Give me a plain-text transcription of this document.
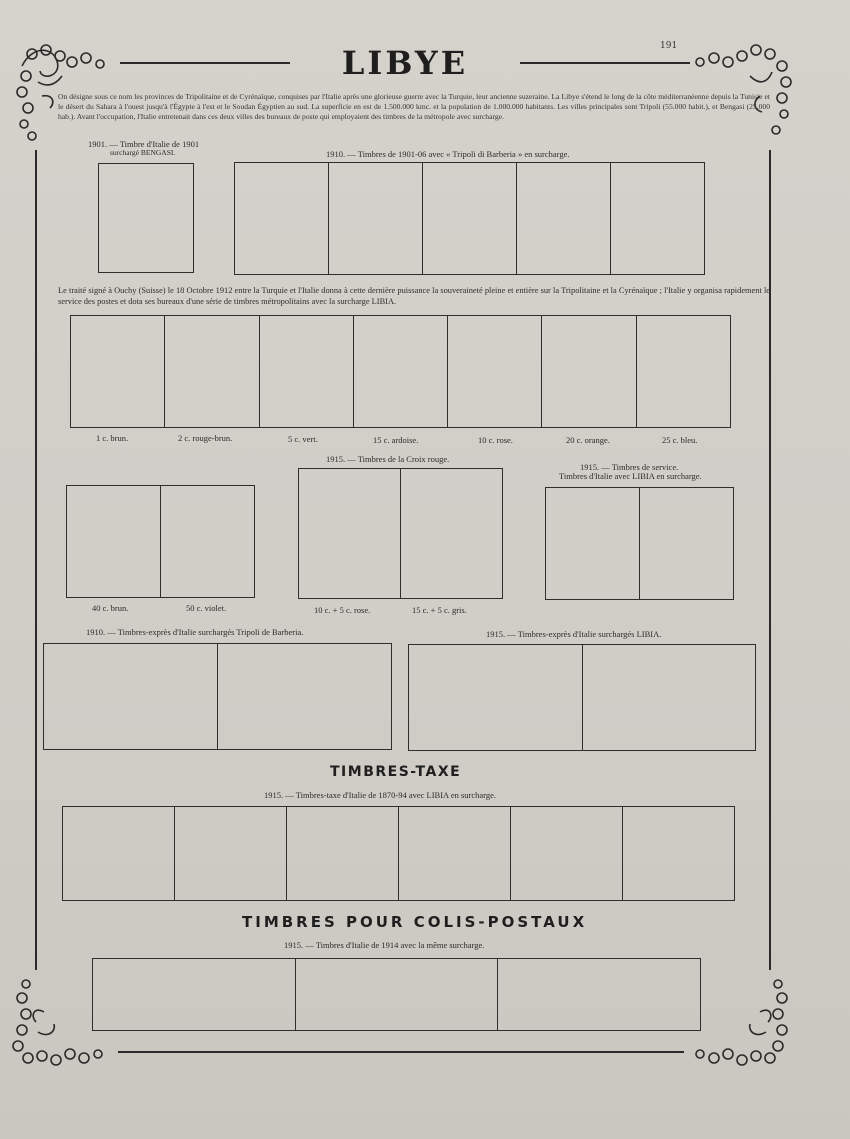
LIBYE	191
On désigne sous ce nom les provinces de Tripolitaine et de Cyrénaïque, conquises par l'Italie après une glorieuse guerre avec la Turquie, leur ancienne suzeraine. La Libye s'étend le long de la côte méditerranéenne depuis la Tunisie et le désert du Sahara à l'ouest jusqu'à l'Égypte à l'est et le Soudan Égyptien au sud. La superficie en est de 1.500.000 kmc. et la population de 1.000.000 habitants. Les villes principales sont Tripoli (55.000 habit.), et Bengasi (25.000 hab.). Avant l'occupation, l'Italie entretenait dans ces deux villes des bureaux de poste qui employaient des timbres de la métropole avec surcharge.
1901. — Timbre d'Italie de 1901
surchargé BENGASI.	1910. — Timbres de 1901-06 avec « Tripoli di Barberia » en surcharge.
Le traité signé à Ouchy (Suisse) le 18 Octobre 1912 entre la Turquie et l'Italie donna à cette dernière puissance la souveraineté pleine et entière sur la Tripolitaine et la Cyrénaïque ; l'Italie y organisa rapidement le service des postes et dota ses bureaux d'une série de timbres métropolitains avec la surcharge LIBIA.
1 c. brun.	2 c. rouge-brun.	5 c. vert.	15 c. ardoise.	10 c. rose.	20 c. orange.	25 c. bleu.
1915. — Timbres de la Croix rouge.
1915. — Timbres de service.
Timbres d'Italie avec LIBIA en surcharge.
40 c. brun.	50 c. violet.	10 c. + 5 c. rose.	15 c. + 5 c. gris.
1910. — Timbres-exprès d'Italie surchargés Tripoli de Barberia.	1915. — Timbres-exprès d'Italie surchargés LIBIA.
TIMBRES-TAXE
1915. — Timbres-taxe d'Italie de 1870-94 avec LIBIA en surcharge.
TIMBRES POUR COLIS-POSTAUX
1915. — Timbres d'Italie de 1914 avec la même surcharge.
